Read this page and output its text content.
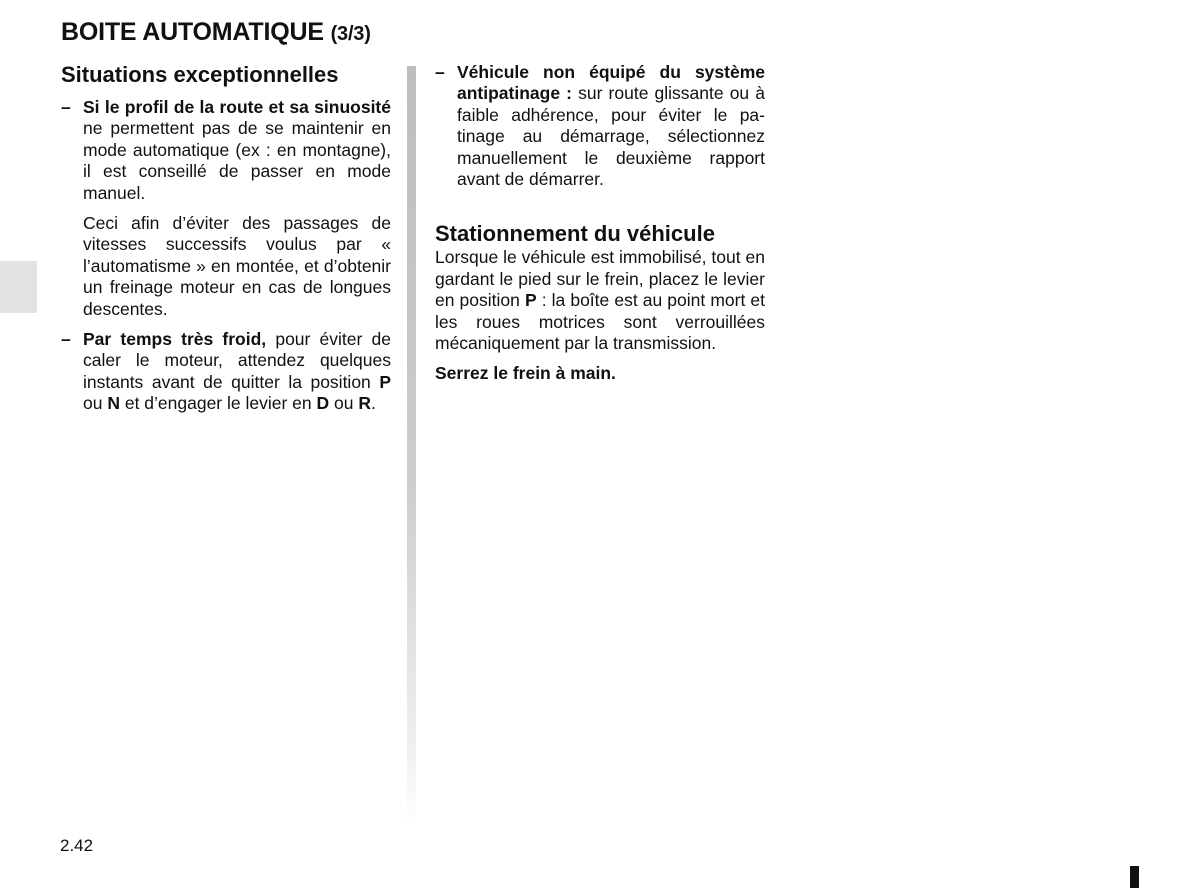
BOITE AUTOMATIQUE (3/3)
Situations exceptionnelles
– Si le profil de la route et sa sinuosité ne permettent pas de se maintenir en mode automatique (ex : en montagne), il est conseillé de passer en mode manuel.

Ceci afin d’éviter des passages de vitesses successifs voulus par « l’automatisme » en montée, et d’obtenir un freinage moteur en cas de longues descentes.

– Par temps très froid, pour éviter de caler le moteur, attendez quelques instants avant de quitter la position P ou N et d’engager le levier en D ou R.

– Véhicule non équipé du système antipatinage : sur route glissante ou à faible adhérence, pour éviter le patinage au démarrage, sélectionnez manuellement le deuxième rapport avant de démarrer.

Stationnement du véhicule

Lorsque le véhicule est immobilisé, tout en gardant le pied sur le frein, placez le levier en position P : la boîte est au point mort et les roues motrices sont verrouillées mécaniquement par la transmission.

Serrez le frein à main.

2.42
